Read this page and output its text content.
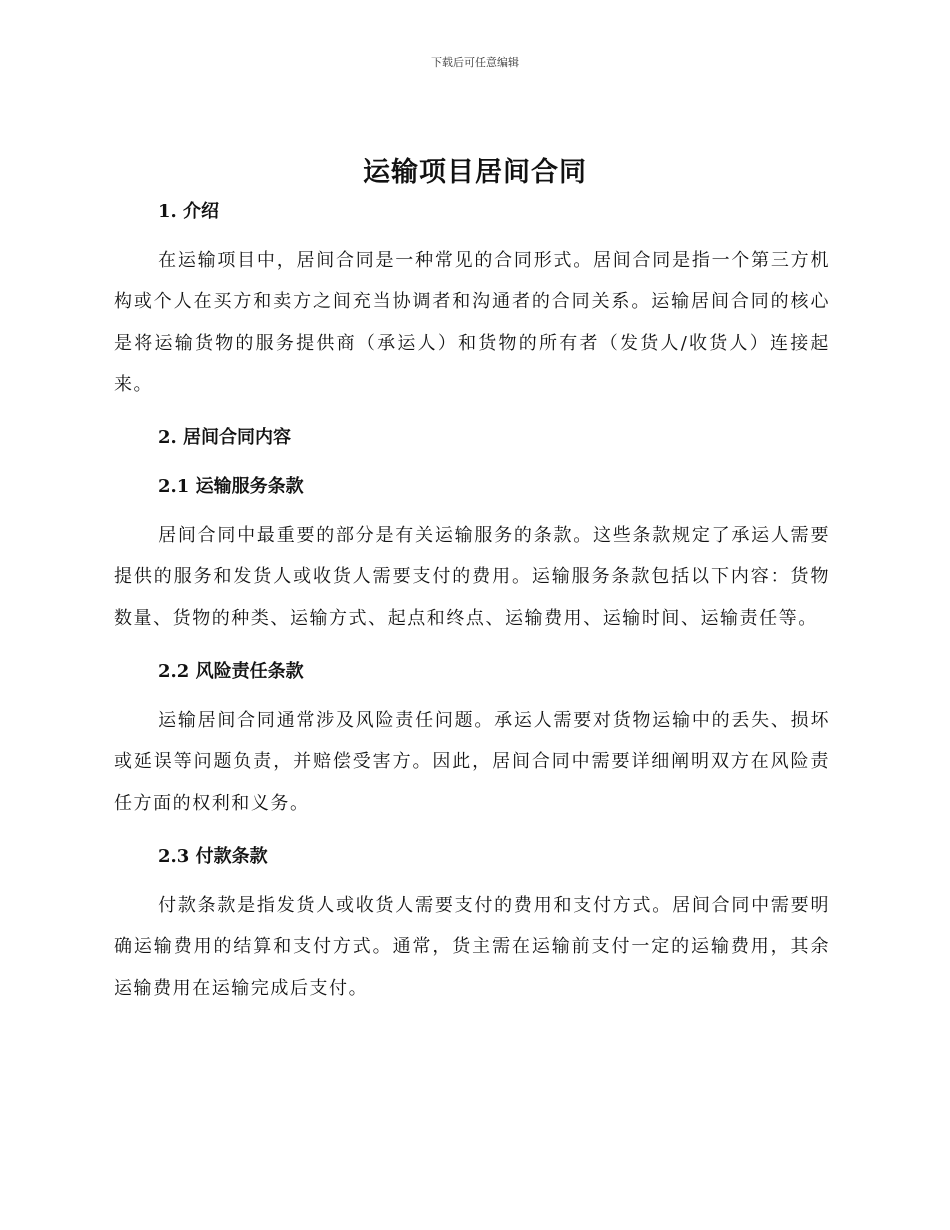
下载后可任意编辑
运输项目居间合同
1. 介绍

在运输项目中，居间合同是一种常见的合同形式。居间合同是指一个第三方机构或个人在买方和卖方之间充当协调者和沟通者的合同关系。运输居间合同的核心是将运输货物的服务提供商（承运人）和货物的所有者（发货人/收货人）连接起来。

2. 居间合同内容
2.1 运输服务条款

居间合同中最重要的部分是有关运输服务的条款。这些条款规定了承运人需要提供的服务和发货人或收货人需要支付的费用。运输服务条款包括以下内容：货物数量、货物的种类、运输方式、起点和终点、运输费用、运输时间、运输责任等。

2.2 风险责任条款

运输居间合同通常涉及风险责任问题。承运人需要对货物运输中的丢失、损坏或延误等问题负责，并赔偿受害方。因此，居间合同中需要详细阐明双方在风险责任方面的权利和义务。

2.3 付款条款

付款条款是指发货人或收货人需要支付的费用和支付方式。居间合同中需要明确运输费用的结算和支付方式。通常，货主需在运输前支付一定的运输费用，其余运输费用在运输完成后支付。
